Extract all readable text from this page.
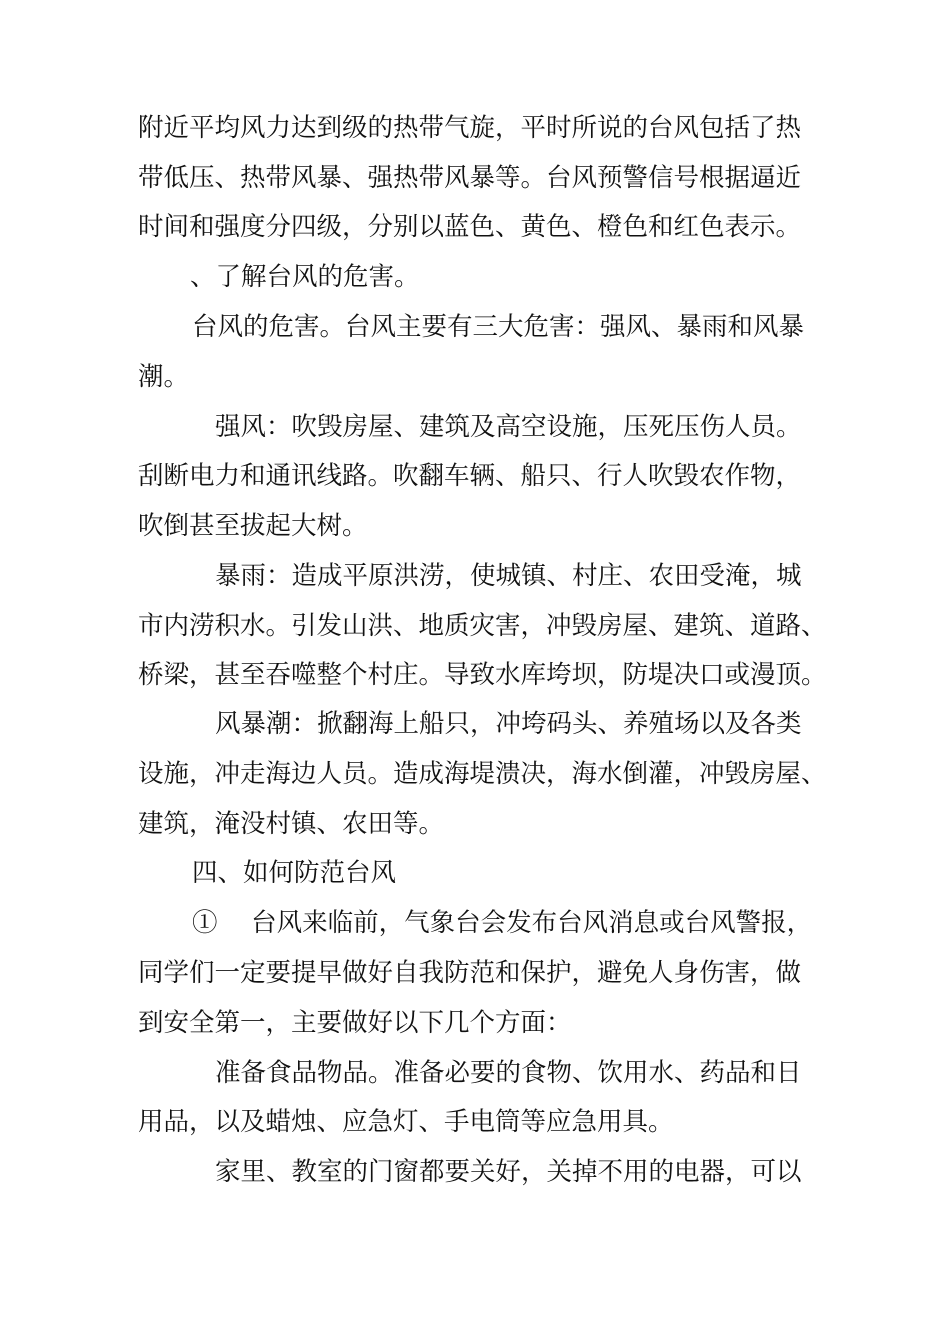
附近平均风力达到级的热带气旋，平时所说的台风包括了热
带低压、热带风暴、强热带风暴等。台风预警信号根据逼近
时间和强度分四级，分别以蓝色、黄色、橙色和红色表示。
、了解台风的危害。
台风的危害。台风主要有三大危害：强风、暴雨和风暴
潮。
强风：吹毁房屋、建筑及高空设施，压死压伤人员。
刮断电力和通讯线路。吹翻车辆、船只、行人吹毁农作物，
吹倒甚至拔起大树。
暴雨：造成平原洪涝，使城镇、村庄、农田受淹，城
市内涝积水。引发山洪、地质灾害，冲毁房屋、建筑、道路、
桥梁，甚至吞噬整个村庄。导致水库垮坝，防堤决口或漫顶。
风暴潮：掀翻海上船只，冲垮码头、养殖场以及各类
设施，冲走海边人员。造成海堤溃决，海水倒灌，冲毁房屋、
建筑，淹没村镇、农田等。
四、如何防范台风
①　 台风来临前，气象台会发布台风消息或台风警报，
同学们一定要提早做好自我防范和保护，避免人身伤害，做
到安全第一，主要做好以下几个方面：
准备食品物品。准备必要的食物、饮用水、药品和日
用品，以及蜡烛、应急灯、手电筒等应急用具。
家里、教室的门窗都要关好，关掉不用的电器，可以
